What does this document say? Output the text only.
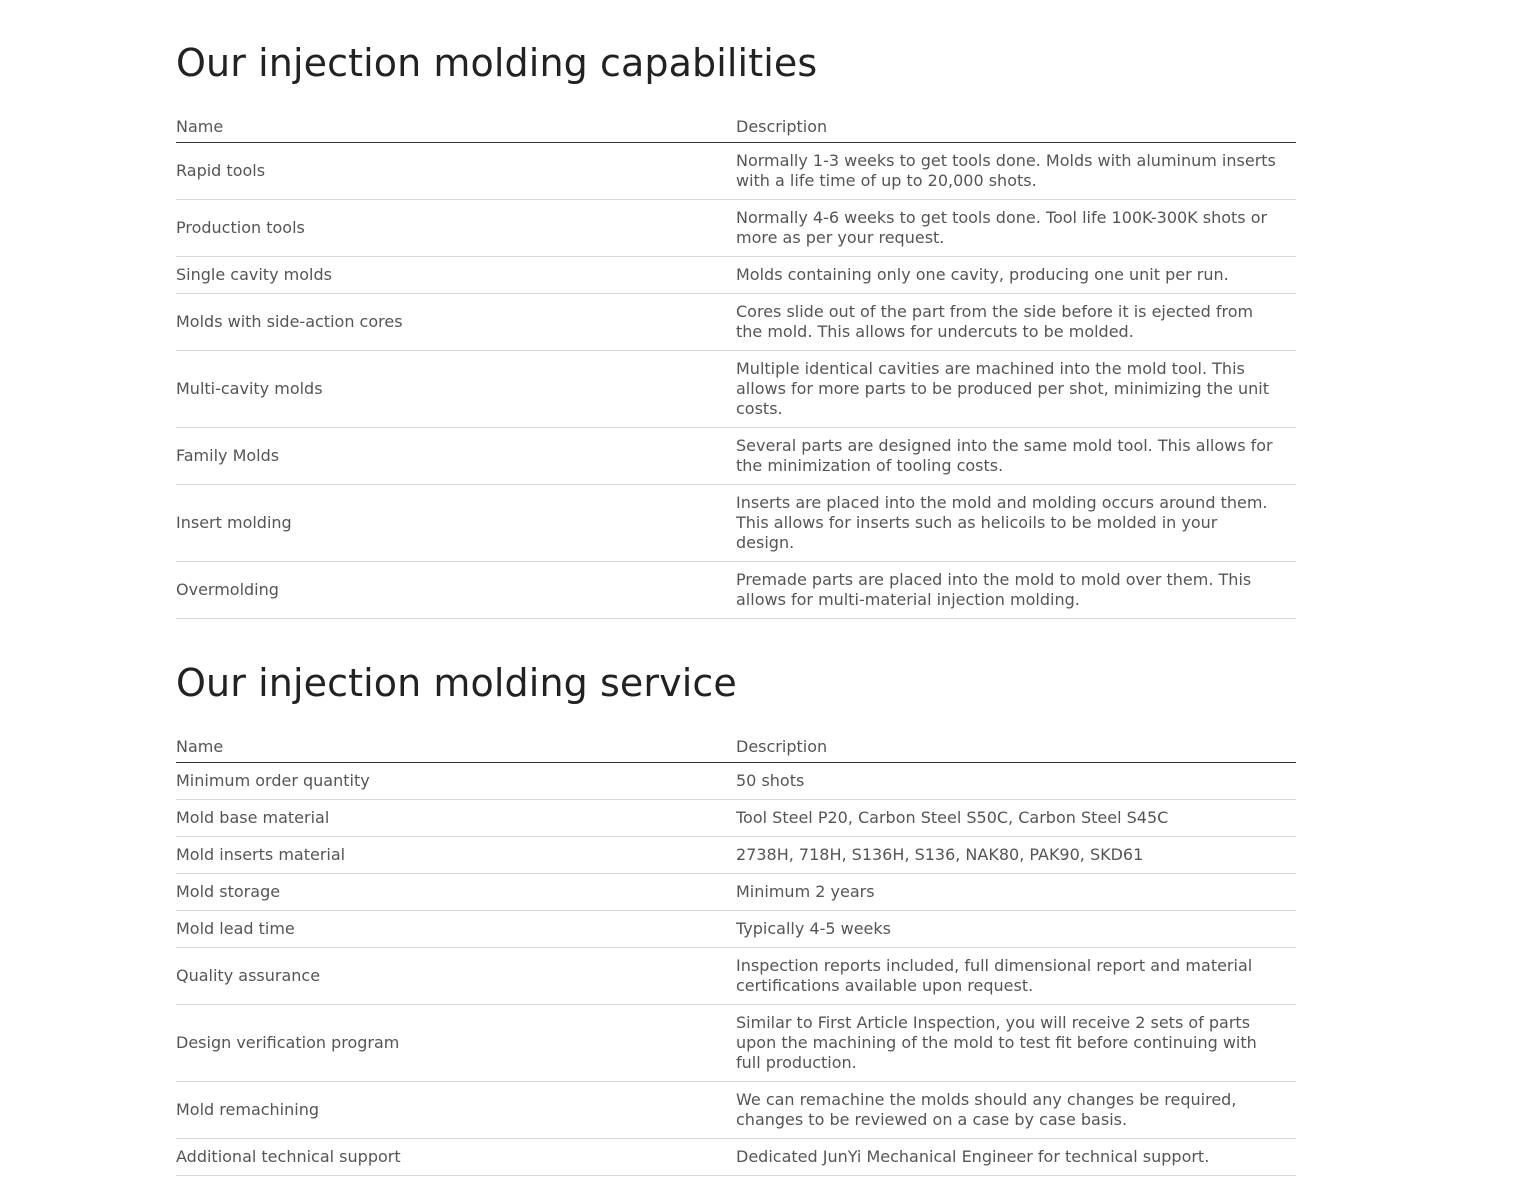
Our injection molding capabilities
Name	Description
Rapid tools	Normally 1-3 weeks to get tools done. Molds with aluminum inserts with a life time of up to 20,000 shots.
Production tools	Normally 4-6 weeks to get tools done. Tool life 100K-300K shots or more as per your request.
Single cavity molds	Molds containing only one cavity, producing one unit per run.
Molds with side-action cores	Cores slide out of the part from the side before it is ejected from the mold. This allows for undercuts to be molded.
Multi-cavity molds	Multiple identical cavities are machined into the mold tool. This allows for more parts to be produced per shot, minimizing the unit costs.
Family Molds	Several parts are designed into the same mold tool. This allows for the minimization of tooling costs.
Insert molding	Inserts are placed into the mold and molding occurs around them. This allows for inserts such as helicoils to be molded in your design.
Overmolding	Premade parts are placed into the mold to mold over them. This allows for multi-material injection molding.
Our injection molding service
Name	Description
Minimum order quantity	50 shots
Mold base material	Tool Steel P20, Carbon Steel S50C, Carbon Steel S45C
Mold inserts material	2738H, 718H, S136H, S136, NAK80, PAK90, SKD61
Mold storage	Minimum 2 years
Mold lead time	Typically 4-5 weeks
Quality assurance	Inspection reports included, full dimensional report and material certifications available upon request.
Design verification program	Similar to First Article Inspection, you will receive 2 sets of parts upon the machining of the mold to test fit before continuing with full production.
Mold remachining	We can remachine the molds should any changes be required, changes to be reviewed on a case by case basis.
Additional technical support	Dedicated JunYi Mechanical Engineer for technical support.
